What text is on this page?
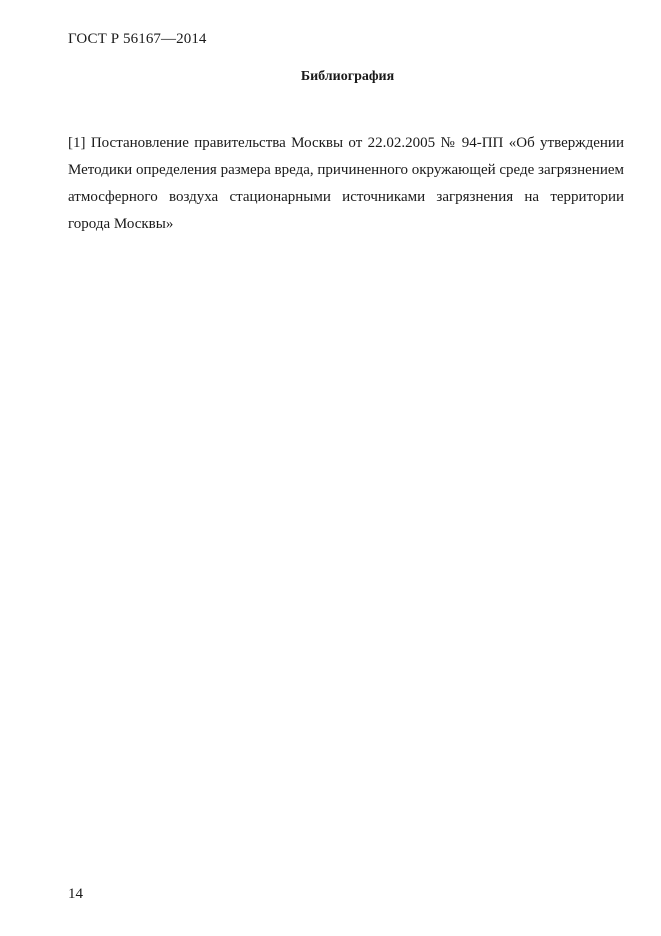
ГОСТ Р 56167—2014
Библиография
[1] Постановление правительства Москвы от 22.02.2005 № 94-ПП «Об утверждении Методики определения размера вреда, причиненного окружающей среде загрязнением атмосферного воздуха стационарными источниками загрязнения на территории города Москвы»
14
